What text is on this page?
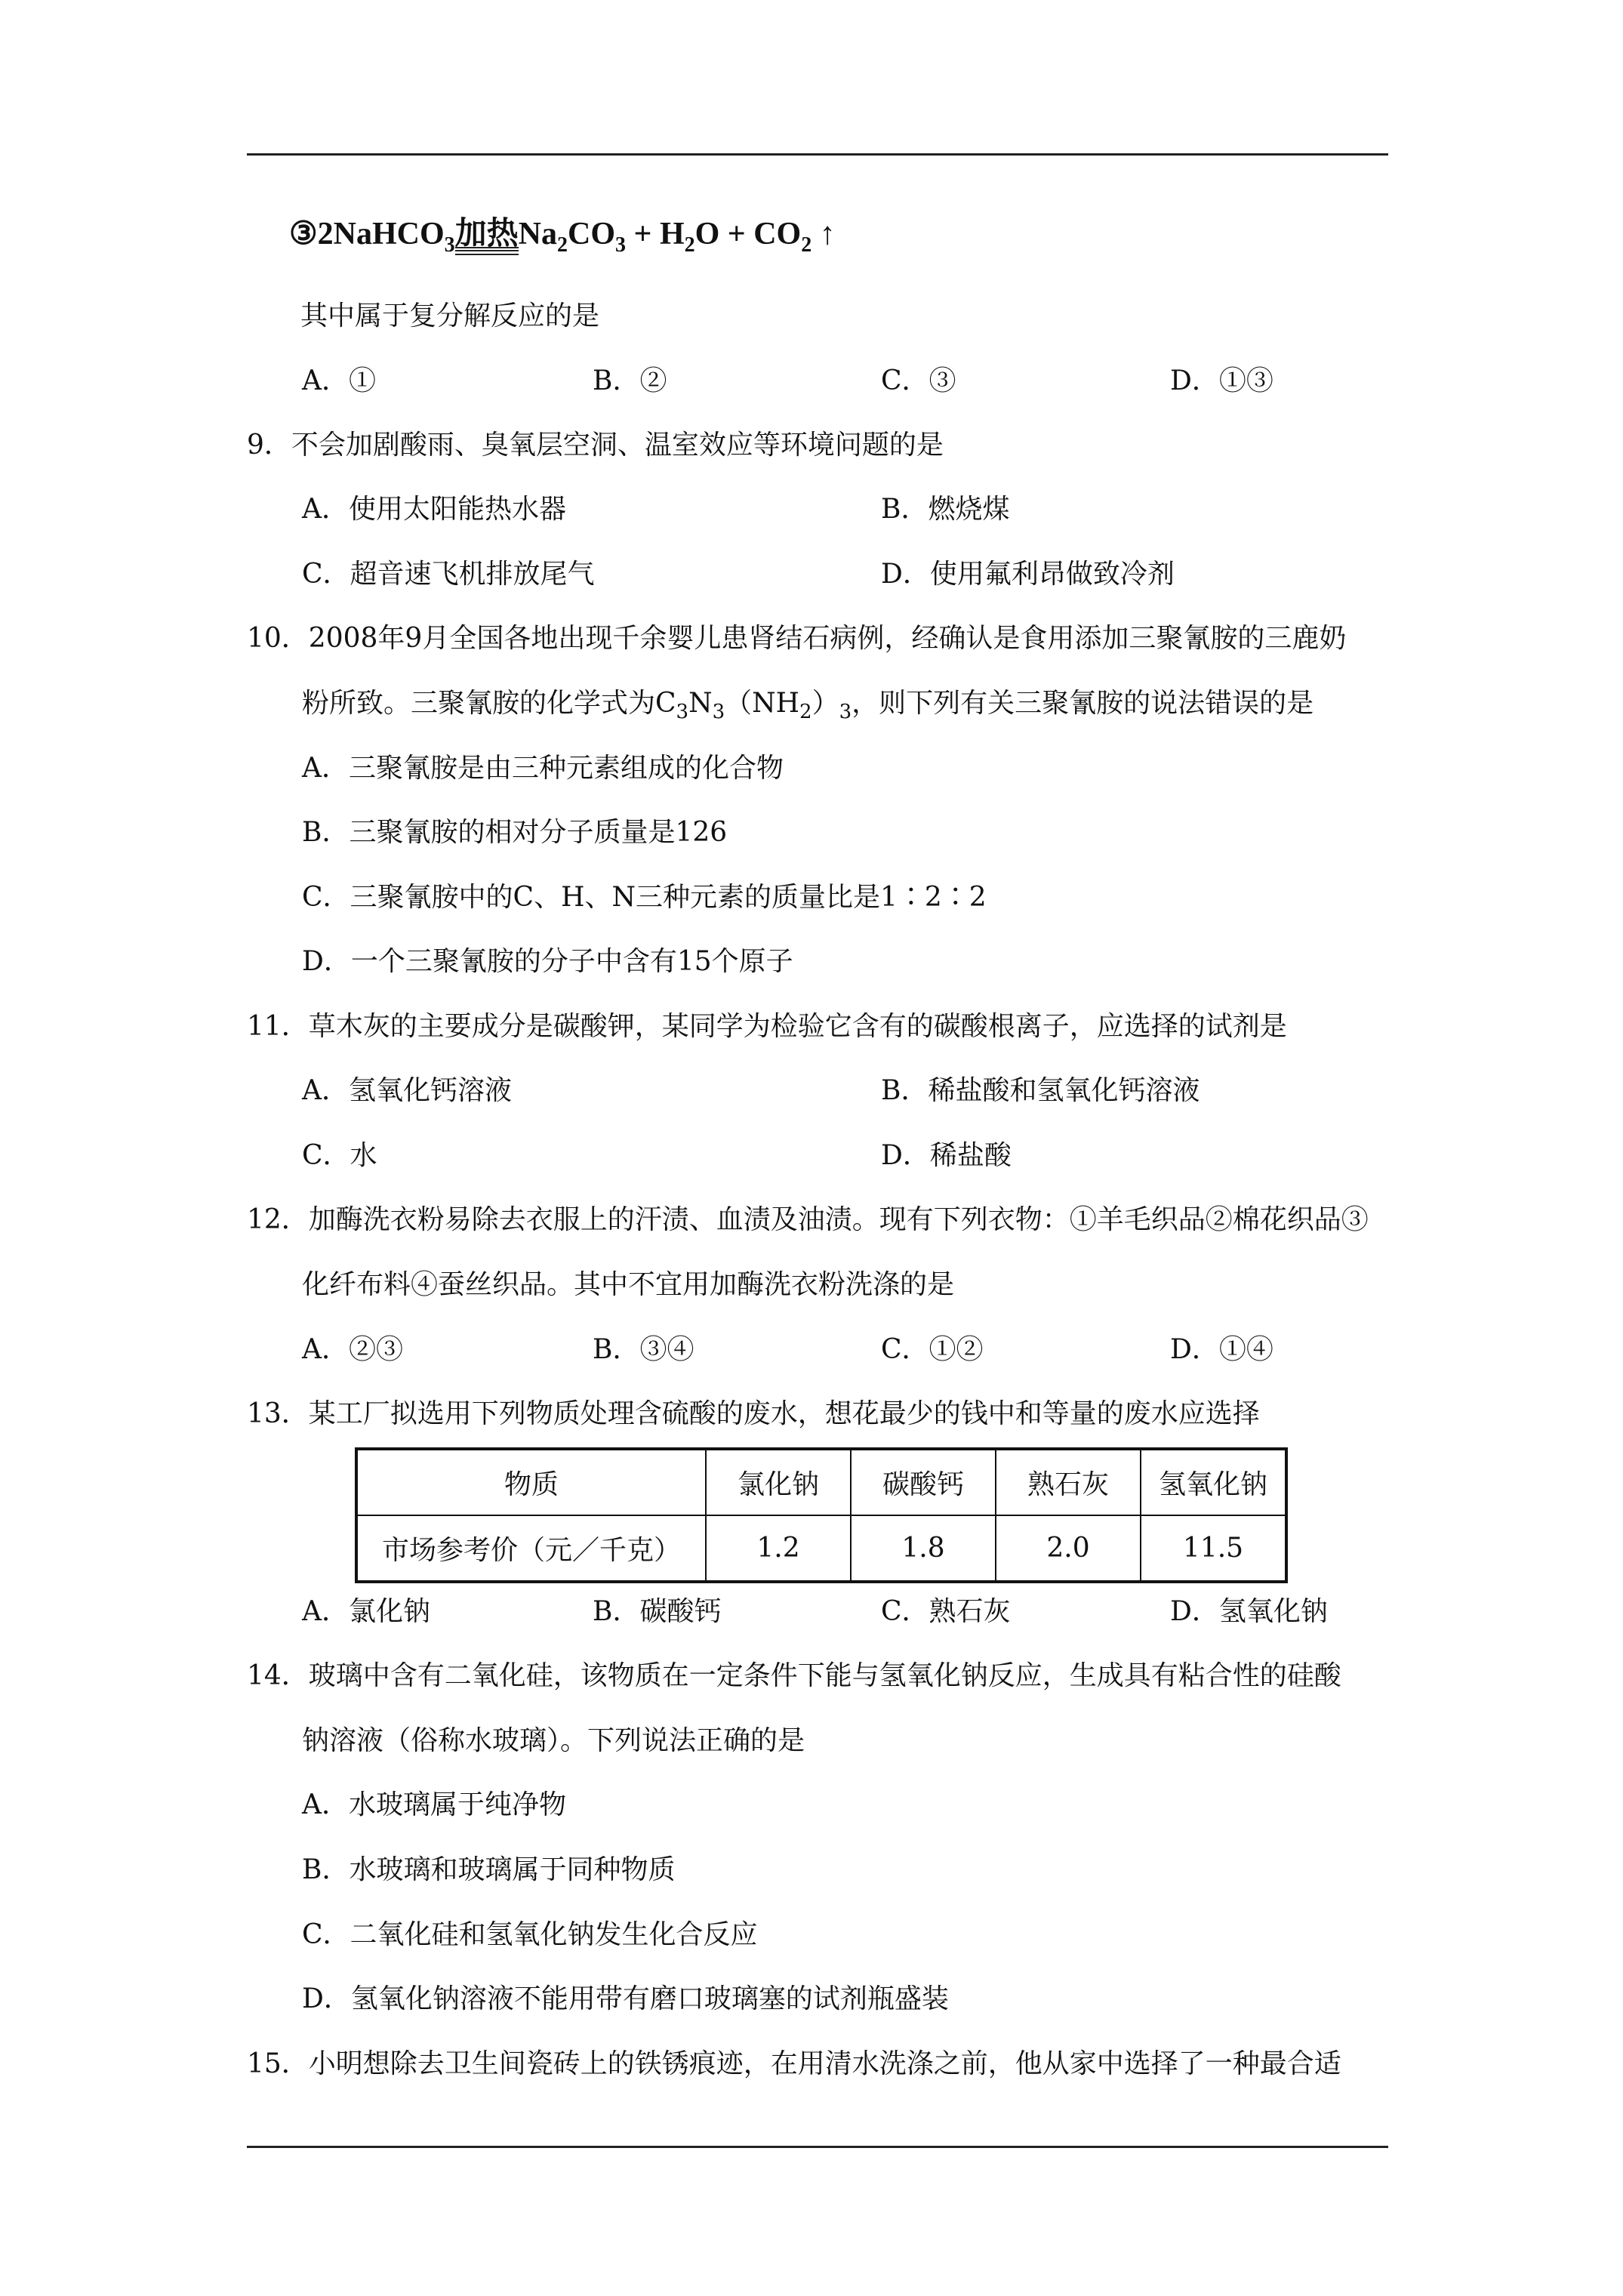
③2NaHCO$_3$加热$Na_2CO_3 + H_2O + CO_2$ ↑
其中属于复分解反应的是
A．①	B．②	C．③	D．①③
9．不会加剧酸雨、臭氧层空洞、温室效应等环境问题的是
A．使用太阳能热水器	B．燃烧煤
C．超音速飞机排放尾气	D．使用氟利昂做致冷剂
10．2008年9月全国各地出现千余婴儿患肾结石病例，经确认是食用添加三聚氰胺的三鹿奶
粉所致。三聚氰胺的化学式为$C_3N_3(NH_2)_3$，则下列有关三聚氰胺的说法错误的是
A．三聚氰胺是由三种元素组成的化合物
B．三聚氰胺的相对分子质量是126
C．三聚氰胺中的C、H、N三种元素的质量比是1∶2∶2
D．一个三聚氰胺的分子中含有15个原子
11．草木灰的主要成分是碳酸钾，某同学为检验它含有的碳酸根离子，应选择的试剂是
A．氢氧化钙溶液	B．稀盐酸和氢氧化钙溶液
C．水	D．稀盐酸
12．加酶洗衣粉易除去衣服上的汗渍、血渍及油渍。现有下列衣物：①羊毛织品②棉花织品③
化纤布料④蚕丝织品。其中不宜用加酶洗衣粉洗涤的是
A．②③	B．③④	C．①②	D．①④
13．某工厂拟选用下列物质处理含硫酸的废水，想花最少的钱中和等量的废水应选择
物质	氯化钠	碳酸钙	熟石灰	氢氧化钠
市场参考价（元／千克）	1.2	1.8	2.0	11.5
A．氯化钠	B．碳酸钙	C．熟石灰	D．氢氧化钠
14．玻璃中含有二氧化硅，该物质在一定条件下能与氢氧化钠反应，生成具有粘合性的硅酸
钠溶液（俗称水玻璃）。下列说法正确的是
A．水玻璃属于纯净物
B．水玻璃和玻璃属于同种物质
C．二氧化硅和氢氧化钠发生化合反应
D．氢氧化钠溶液不能用带有磨口玻璃塞的试剂瓶盛装
15．小明想除去卫生间瓷砖上的铁锈痕迹，在用清水洗涤之前，他从家中选择了一种最合适
